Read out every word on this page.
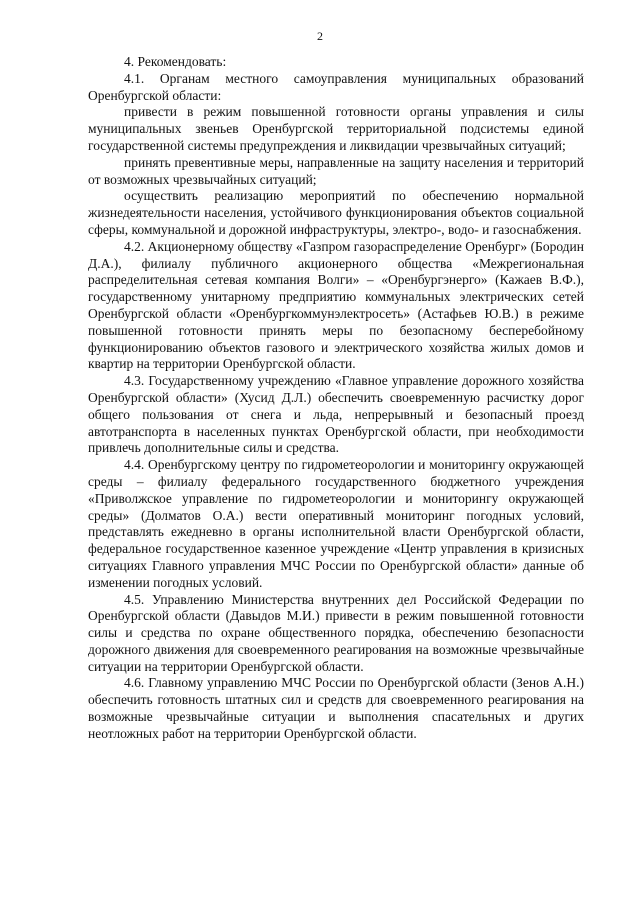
2

4. Рекомендовать:

4.1. Органам местного самоуправления муниципальных образований Оренбургской области:

привести в режим повышенной готовности органы управления и силы муниципальных звеньев Оренбургской территориальной подсистемы единой государственной системы предупреждения и ликвидации чрезвычайных ситуаций;

принять превентивные меры, направленные на защиту населения и территорий от возможных чрезвычайных ситуаций;

осуществить реализацию мероприятий по обеспечению нормальной жизнедеятельности населения, устойчивого функционирования объектов социальной сферы, коммунальной и дорожной инфраструктуры, электро-, водо- и газоснабжения.

4.2. Акционерному обществу «Газпром газораспределение Оренбург» (Бородин Д.А.), филиалу публичного акционерного общества «Межрегиональная распределительная сетевая компания Волги» – «Оренбургэнерго» (Кажаев В.Ф.), государственному унитарному предприятию коммунальных электрических сетей Оренбургской области «Оренбургкоммунэлектросеть» (Астафьев Ю.В.) в режиме повышенной готовности принять меры по безопасному бесперебойному функционированию объектов газового и электрического хозяйства жилых домов и квартир на территории Оренбургской области.

4.3. Государственному учреждению «Главное управление дорожного хозяйства Оренбургской области» (Хусид Д.Л.) обеспечить своевременную расчистку дорог общего пользования от снега и льда, непрерывный и безопасный проезд автотранспорта в населенных пунктах Оренбургской области, при необходимости привлечь дополнительные силы и средства.

4.4. Оренбургскому центру по гидрометеорологии и мониторингу окружающей среды – филиалу федерального государственного бюджетного учреждения «Приволжское управление по гидрометеорологии и мониторингу окружающей среды» (Долматов О.А.) вести оперативный мониторинг погодных условий, представлять ежедневно в органы исполнительной власти Оренбургской области, федеральное государственное казенное учреждение «Центр управления в кризисных ситуациях Главного управления МЧС России по Оренбургской области» данные об изменении погодных условий.

4.5. Управлению Министерства внутренних дел Российской Федерации по Оренбургской области (Давыдов М.И.) привести в режим повышенной готовности силы и средства по охране общественного порядка, обеспечению безопасности дорожного движения для своевременного реагирования на возможные чрезвычайные ситуации на территории Оренбургской области.

4.6. Главному управлению МЧС России по Оренбургской области (Зенов А.Н.) обеспечить готовность штатных сил и средств для своевременного реагирования на возможные чрезвычайные ситуации и выполнения спасательных и других неотложных работ на территории Оренбургской области.
